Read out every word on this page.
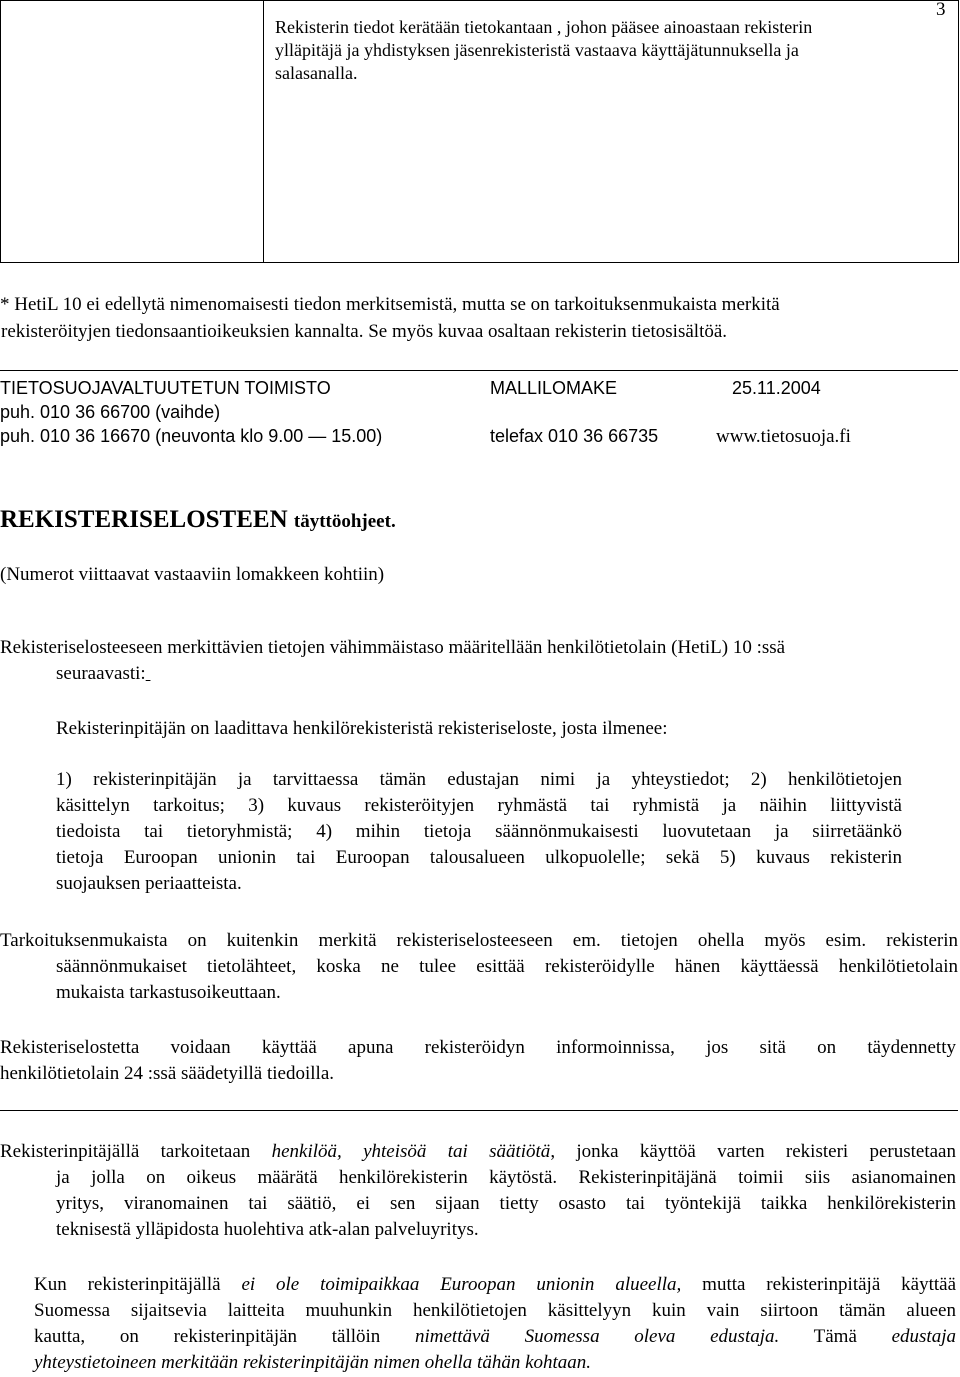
3
Rekisterin tiedot kerätään tietokantaan , johon pääsee ainoastaan rekisterin
ylläpitäjä ja yhdistyksen jäsenrekisteristä vastaava käyttäjätunnuksella ja
salasanalla.
* HetiL 10 ei edellytä nimenomaisesti tiedon merkitsemistä, mutta se on tarkoituksenmukaista merkitä
rekisteröityjen tiedonsaantioikeuksien kannalta. Se myös kuvaa osaltaan rekisterin tietosisältöä.
TIETOSUOJAVALTUUTETUN TOIMISTO	MALLILOMAKE	25.11.2004
puh. 010 36 66700 (vaihde)
puh. 010 36 16670 (neuvonta klo 9.00 — 15.00)	telefax 010 36 66735	www.tietosuoja.fi
REKISTERISELOSTEEN täyttöohjeet.
(Numerot viittaavat vastaaviin lomakkeen kohtiin)
Rekisteriselosteeseen merkittävien tietojen vähimmäistaso määritellään henkilötietolain (HetiL) 10 :ssä
seuraavasti:
Rekisterinpitäjän on laadittava henkilörekisteristä rekisteriseloste, josta ilmenee:
1) rekisterinpitäjän ja tarvittaessa tämän edustajan nimi ja yhteystiedot; 2) henkilötietojen
käsittelyn tarkoitus; 3) kuvaus rekisteröityjen ryhmästä tai ryhmistä ja näihin liittyvistä
tiedoista tai tietoryhmistä; 4) mihin tietoja säännönmukaisesti luovutetaan ja siirretäänkö
tietoja Euroopan unionin tai Euroopan talousalueen ulkopuolelle; sekä 5) kuvaus rekisterin
suojauksen periaatteista.
Tarkoituksenmukaista on kuitenkin merkitä rekisteriselosteeseen em. tietojen ohella myös esim. rekisterin
säännönmukaiset tietolähteet, koska ne tulee esittää rekisteröidylle hänen käyttäessä henkilötietolain
mukaista tarkastusoikeuttaan.
Rekisteriselostetta voidaan käyttää apuna rekisteröidyn informoinnissa, jos sitä on täydennetty
henkilötietolain 24 :ssä säädetyillä tiedoilla.
Rekisterinpitäjällä tarkoitetaan henkilöä, yhteisöä tai säätiötä, jonka käyttöä varten rekisteri perustetaan
ja jolla on oikeus määrätä henkilörekisterin käytöstä. Rekisterinpitäjänä toimii siis asianomainen
yritys, viranomainen tai säätiö, ei sen sijaan tietty osasto tai työntekijä taikka henkilörekisterin
teknisestä ylläpidosta huolehtiva atk-alan palveluyritys.
Kun rekisterinpitäjällä ei ole toimipaikkaa Euroopan unionin alueella, mutta rekisterinpitäjä käyttää
Suomessa sijaitsevia laitteita muuhunkin henkilötietojen käsittelyyn kuin vain siirtoon tämän alueen
kautta, on rekisterinpitäjän tällöin nimettävä Suomessa oleva edustaja. Tämä edustaja
yhteystietoineen merkitään rekisterinpitäjän nimen ohella tähän kohtaan.
